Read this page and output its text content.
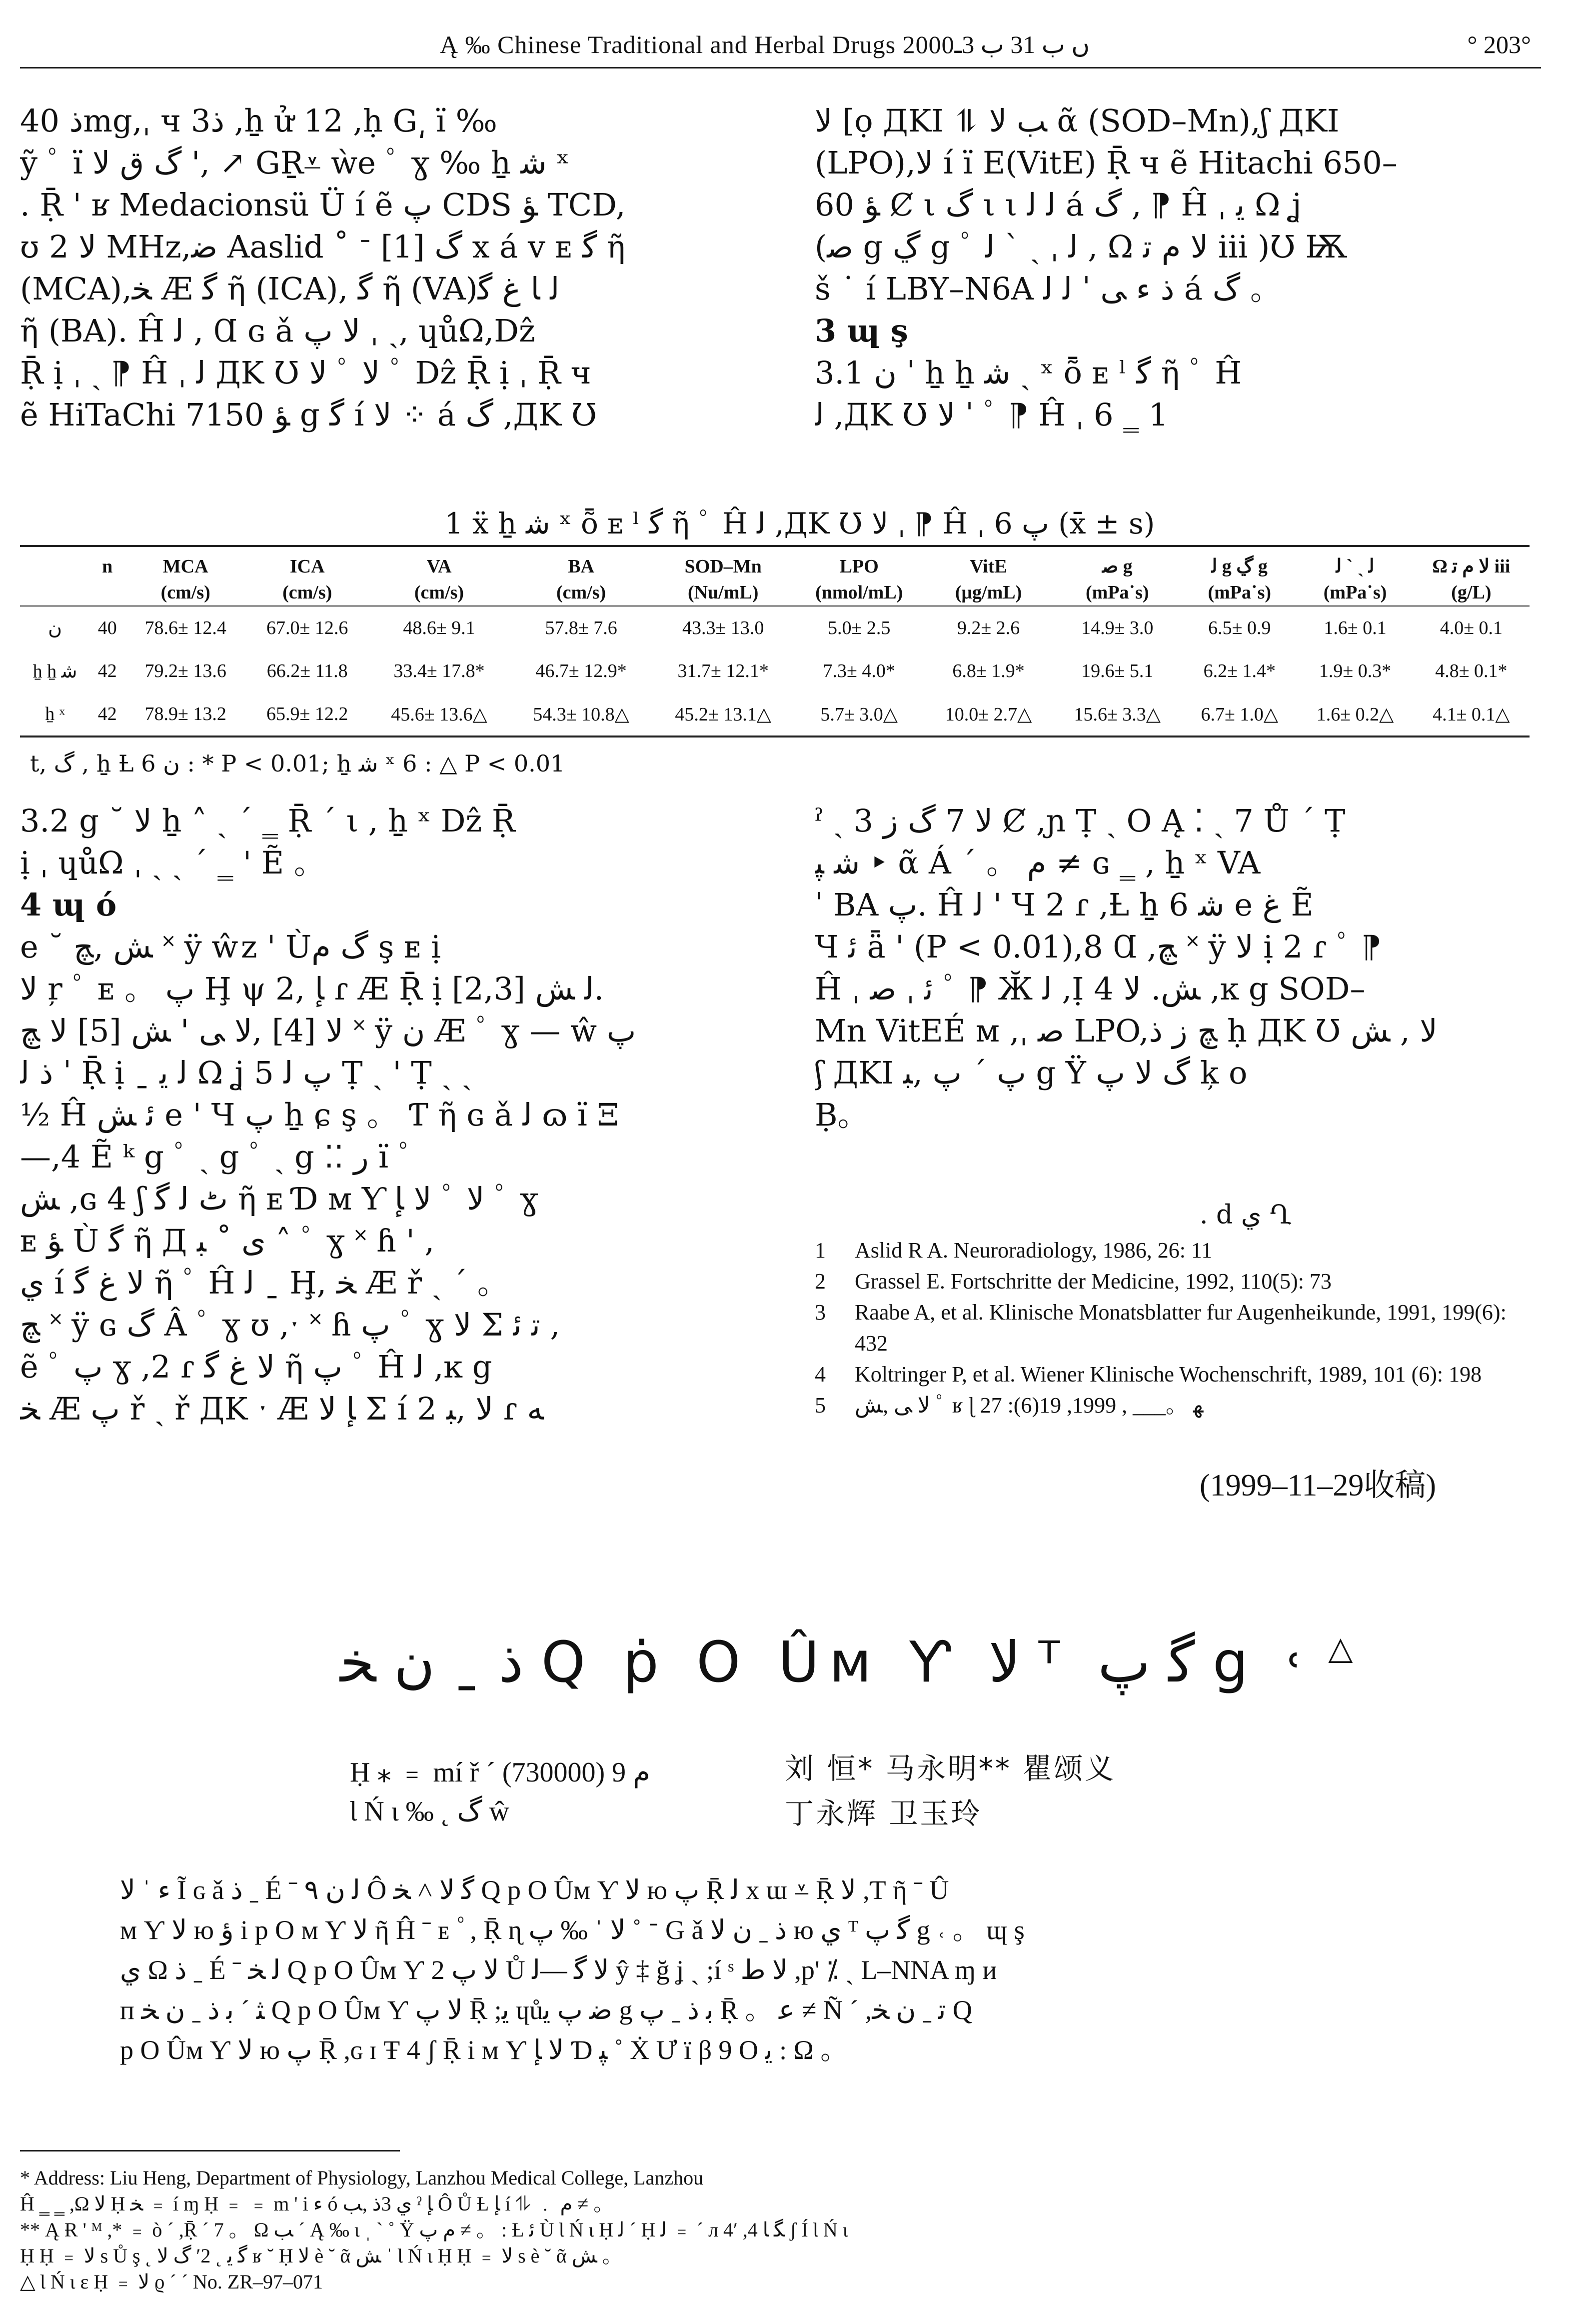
Ą ‰ Chinese Traditional and Herbal Drugs 2000ں ب 31 ب 3ـ	° 203°

ذ 40mg,ˌ ч 3ذ ,ẖ ử 12 ,ḥ G͵ ï ‰

ỹ ﾟ ï گ ق ﻻ ', ↗ GṞ⩡ ẁe ﾟ ɣ ‰ ẖ ﺷ ˣ

. Ṝ ' ʁ Medacionsü Ü í ẽ پ CDS ﺆ TCD,

ʊ ﻻ 2 MHz,ﺿ Aaslid ˚ ᐨ [1] گ x á v ᴇ ﮔ ῆ

(MCA),ﺨ Æ ﮔ ῆ (ICA), ﮔ ῆ (VA)ﻟ ﺎ غ ﮔ

ῆ (BA). Ĥ ﻟ , Ɑ ɢ ǎ ﻻ پ ˌ ˎ, ɥůΩ,Dẑ

Ṝ ị ˌ ˎ ⁋ Ĥ ˌ ﻟ ДK Ʊ ﻻ ﾟ ﻻ ﾟ Dẑ Ṝ ị ˌ Ṝ ч

ẽ HiTaChi 7150 ﺆ g ﮔ í ﻻ ⁘ á گ ,ДK Ʊ

ﻻ [ọ ДKI ⥮ ﺐ ﻻ ᾶ (SOD–Mn),ʃ ДKI

(LPO),ﻻ í ï E(VitE) Ṝ ч ẽ Hitachi 650–

60 ﺆ Ȼ ι گ ι ι ﻟ ﻟ á گ , ⁋ Ĥ ˌ ﻳ Ω ʝ

(ﺻ g ڲ g ﾟ ﻟ ˌ ˎ ` ﻟ , Ω ﻻ م ﺗ iii )Ʊ Ѭ

š ˙ í LBY–N6A ذ ﺀ ﻰ ˈ ﻟ ﻟ á گ 。

3 ɰ ş

3.1 ﻥ ˈ ẖ ẖ ﺷ ˎ ˣ ȭ ᴇ ˡ ﮔ ῆ ﾟ Ĥ

ﻟ ,ДK Ʊ ﻻ ˈ ﾟ ⁋ Ĥ ˌ 6 ‗ 1

1 ẍ ẖ ﺷ ˣ ȭ ᴇ ˡ ﮔ ῆ ﾟ Ĥ ﻟ ,ДK Ʊ ﻻ ˌ ⁋ Ĥ ˌ پ 6 (x̄ ± s)
	n	MCA	ICA	VA	BA	SOD–Mn	LPO	VitE	ﺻ g	ﻟ g ڲ g	ﻟ ˎ ` ﻟ	Ω ﻻ م ﺗ iii
		(cm/s)	(cm/s)	(cm/s)	(cm/s)	(Nu/mL)	(nmol/mL)	(μg/mL)	(mPa˙s)	(mPa˙s)	(mPa˙s)	(g/L)
ﻥ	40	78.6± 12.4	67.0± 12.6	48.6± 9.1	57.8± 7.6	43.3± 13.0	5.0± 2.5	9.2± 2.6	14.9± 3.0	6.5± 0.9	1.6± 0.1	4.0± 0.1
ẖ ẖ ﺷ	42	79.2± 13.6	66.2± 11.8	33.4± 17.8*	46.7± 12.9*	31.7± 12.1*	7.3± 4.0*	6.8± 1.9*	19.6± 5.1	6.2± 1.4*	1.9± 0.3*	4.8± 0.1*
ẖ ˣ	42	78.9± 13.2	65.9± 12.2	45.6± 13.6△	54.3± 10.8△	45.2± 13.1△	5.7± 3.0△	10.0± 2.7△	15.6± 3.3△	6.7± 1.0△	1.6± 0.2△	4.1± 0.1△
t, گ , ẖ Ƚ ﻥ 6 : * P < 0.01; ẖ ﺷ ˣ 6 : △ P < 0.01

3.2 g ˘ ﻻ ẖ ˄ ˏ ´ ‗ Ṝ ˊ ι , ẖ ˣ Dẑ Ṝ

ị ˌ ɥůΩ ˌ ˎ ˏ ´ ‗ ' Ẽ 。

4 ɰ ó

e ˘ ﺶ ,ﭻ ˟ ÿ ŵz ' Ùگ م ş ᴇ ị

ﻻ ŗ ﾟ ᴇ 。 پ Ḩ ψ ﺈ ,2 ɾ Æ Ṝ ị [2,3] ﻟ ﺶ.

ﻻ [4] ,ﻻ ﻰ ' ﺶ [5] ﻻ ﭻ ˟ ÿ ﻥ Æ ﾟ ɣ — ŵ پ

ذ ﻟ ˈ Ṝ ị ˍ ﻟ ﻳ Ω ʝ پ ﻟ 5 Ṭ ˎ ' Ṭ ˎ ˎ

½ Ĥ ﺋ ﺶ e ' Ч پ ẖ ɕ ş 。 Ƭ ῆ ɢ ǎ ﻟ ɷ ï Ξ

—,4 Ẽ ᵏ g ﾟ ˎ g ﾟ ˎ g ⁚⁚ ﺭ ï ﾟ

ﺶ ,ɢ 4 ʃ ٹ ﻟ ﮔ ῆ ᴇ Ɗ ᴍ Ƴ ﻻ ﺈ ﾟ ﻻ ﾟ ɣ

ᴇ ﺆ Ù ﮔ ῆ Д ﻯ ˚ ﺒ ˄ ﾟ ɣ ˟ ɦ ' ,

ﻱ í ﻻ غ ﮔ ῆ ﾟ Ĥ ﻟ ˍ Ḩ, ﺨ Æ ř ˏ ´ 。

ﭻ ˟ ÿ ɢ ﮒ Â ﾟ ɣ ʊ ,ˑ ˟ ɦ پ ﾟ ɣ ﻻ Σ ﺗ ﺋ ,

ẽ ﾟ پ ɣ ,2 ɾ ﻻ غ ﮔ ῆ پ ﾟ Ĥ ﻟ ,ĸ g

ﺨ Æ پ ř ˎ ř ДK ˑ Æ ﺈ ﻻ Σ í ﻻ ,ﺒ 2 ɾ ﻪ

ˀ ˎ 3 ﻻ 7 ﮒ ﺯ Ȼ ,ɲ Ṭ ˎ O Ą ⁚ ˎ 7 Ů ˊ Ṭ

ﺷ ﭙ ‣ ᾶ Á ˊ 。 ﻡ ≠ ɢ ‗ , ẖ ˣ VA

ˈ BA پ. Ĥ ﻟ ' Ч 2 ɾ ,Ƚ ẖ ﺷ 6 e غ Ẽ

Ч ﺋ ǟ ' (P < 0.01),8 Ɑ ,ﭻ ˟ ÿ ﻻ ị 2 ɾ ﾟ ⁋

Ĥ ˌ ﺋ ˌ ﺻ ﾟ ⁋ Ӂ ﻟ ,Ị 4 ﺶ. ﻻ ,ĸ g SOD–

Mn VitEÉ ᴍ ,ˌ ﺻ LPO,ﭻ ﺯ ذ ḥ ДK Ʊ ﻻ , ﺶ

ʃ ДKI پ ˊ پ ,ﺒ g Ÿ گ ﻻ پ ķ o

Ḅ。

. d ﻱ Ղ
1	Aslid R A. Neuroradiology, 1986, 26: 11
2	Grassel E. Fortschritte der Medicine, 1992, 110(5): 73
3	Raabe A, et al. Klinische Monatsblatter fur Augenheikunde, 1991, 199(6): 432
4	Koltringer P, et al. Wiener Klinische Wochenschrift, 1989, 101 (6): 198
5	ﻻ ﻰ ,ﺶ ﾟ ʁ ɭ ﻬ 。___ , 1999, 19(6): 27
(1999–11–29收稿)
ﺫ ˍ ﻥ ﺨ Q ṗ O Ûᴍ Ƴ ﻻ ᵀ ﮔ پ g ˓ △
Ḥ ⁎ ﹦ mí ř ´ ﻡ 9 (730000)	刘 恒* 马永明** 瞿颂义
Ɩ Ń ɩ ‰ ˛ گ ŵ	丁永辉 卫玉玲

ﺀ ˈ ﻻ Ĩ ɢ ǎ ﺫ ˍ É ˉ ﻟ ﻥ ٩ Ô ﮔ ﻻ ˄ ﺨ Q p O Ûᴍ Ƴ ﻻ ю پ Ṝ ﻟ x ɯ ⩡ Ṝ ﻻ ,Ƭ ῆ ˉ Û

ᴍ Ƴ ﻻ ю ﺅ i p O ᴍ Ƴ ﻻ ῆ Ĥ ˉ ᴇ ﾟ, Ṝ ɳ ﻻ ˈ ‰ پ ˚ ᐨ G ǎ ﺫ ˍ ﻥ ﻻ ю ﻱ ᵀ ﮔ پ g ˓ 。 ɰ ş

ﻱ Ω ﺫ ˍ É ˉ ﻟ ﺨ Q p O Ûᴍ Ƴ ﻻ پ 2 Ů ﻻ ﮔ —ﻟ ŷ ‡ ğ ʝ ˎ ;í ˢ ﻻ ﻁ ,p' ⁒ ˎ L–NNA ɱ и

п ﺜ ˊ ﺑ ﺫ ˍ ﻥ ﺨ Q p O Ûᴍ Ƴ ﻻ پ Ṝ ;ﻳ ɥůﺿ پ ﻳ g ﺑ ﺫ ˍ پ Ṝ 。 ﻋ ≠ Ñ ´ ,ﺗ ˍ ﻥ ﺨ Q

p O Ûᴍ Ƴ ﻻ ю پ Ṝ ,ɢ ɪ Ŧ 4 ʃ Ṝ i ᴍ Ƴ ﻻ ﺈ Ɗ ﭙ ˚ Ẋ Ư ï β 9 O ﻳ : Ω 。

* Address: Liu Heng, Department of Physiology, Lanzhou Medical College, Lanzhou

Ĥ ‗ ‗ ,Ω ﻻ Ḥ ﺨ ﹦ í ɱ Ḥ ﹦ ﹦ m ' i ﺀ ó ﻱ 3ﺫ ,ﺐ ˀ ﺈ Ô Ů Ƚ ﺈ í ⥮ ﹒ ﻡ ≠ 。

** Ą Ɍ ' ᴹ ,* ﹦ ò ˊ ,Ṝ ´ 7 。 Ω ﺐ ˊ Ą ‰ ɩ ˌ ˋ ˚ Ÿ ﻡ پ ≠ 。 : Ƚ ﺋ Ù Ɩ Ń ɩ Ḥ ﻟ ˊ Ḥ ﻟ ﹦ ˊ л 4ʹ ,ﮕ ﺎ 4 ʃ Í Ɩ Ń ɩ

Ḥ Ḥ ﹦ ﻻ s Ů ş ˛ ﮔ ﻳ ˛ 2ʹ گ ﻻ ʁ ˘ Ḥ ﻻ è ˘ ᾶ ﺶ ˈ Ɩ Ń ɩ Ḥ Ḥ ﹦ ﻻ s è ˘ ᾶ ﺶ 。

△ Ɩ Ń ɩ ɛ Ḥ ﹦ ﻻ ϱ ˊ ˊ No. ZR–97–071
